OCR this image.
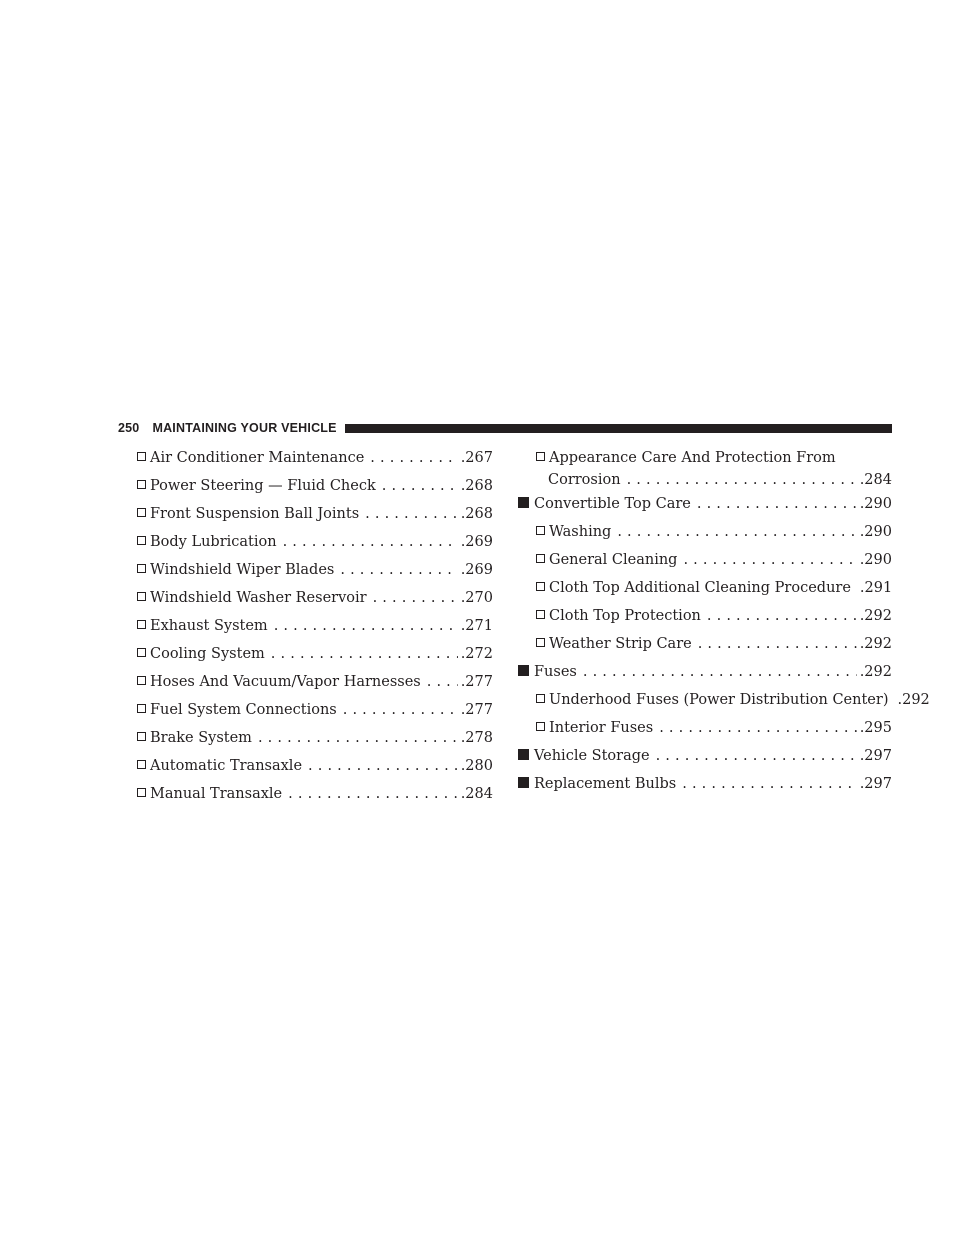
250 MAINTAINING YOUR VEHICLE
Air Conditioner Maintenance . . .	.267
Power Steering — Fluid Check . . .	.268
Front Suspension Ball Joints . . .	.268
Body Lubrication . . .	.269
Windshield Wiper Blades . . .	.269
Windshield Washer Reservoir . . .	.270
Exhaust System . . .	.271
Cooling System . . .	.272
Hoses And Vacuum/Vapor Harnesses . . .	.277
Fuel System Connections . . .	.277
Brake System . . .	.278
Automatic Transaxle . . .	.280
Manual Transaxle . . .	.284
Appearance Care And Protection From
Corrosion . . .	.284
Convertible Top Care . . .	.290
Washing . . .	.290
General Cleaning . . .	.290
Cloth Top Additional Cleaning Procedure .291
Cloth Top Protection . . .	.292
Weather Strip Care . . .	.292
Fuses . . .	.292
Underhood Fuses (Power Distribution Center) .292
Interior Fuses . . .	.295
Vehicle Storage . . .	.297
Replacement Bulbs . . .	.297
